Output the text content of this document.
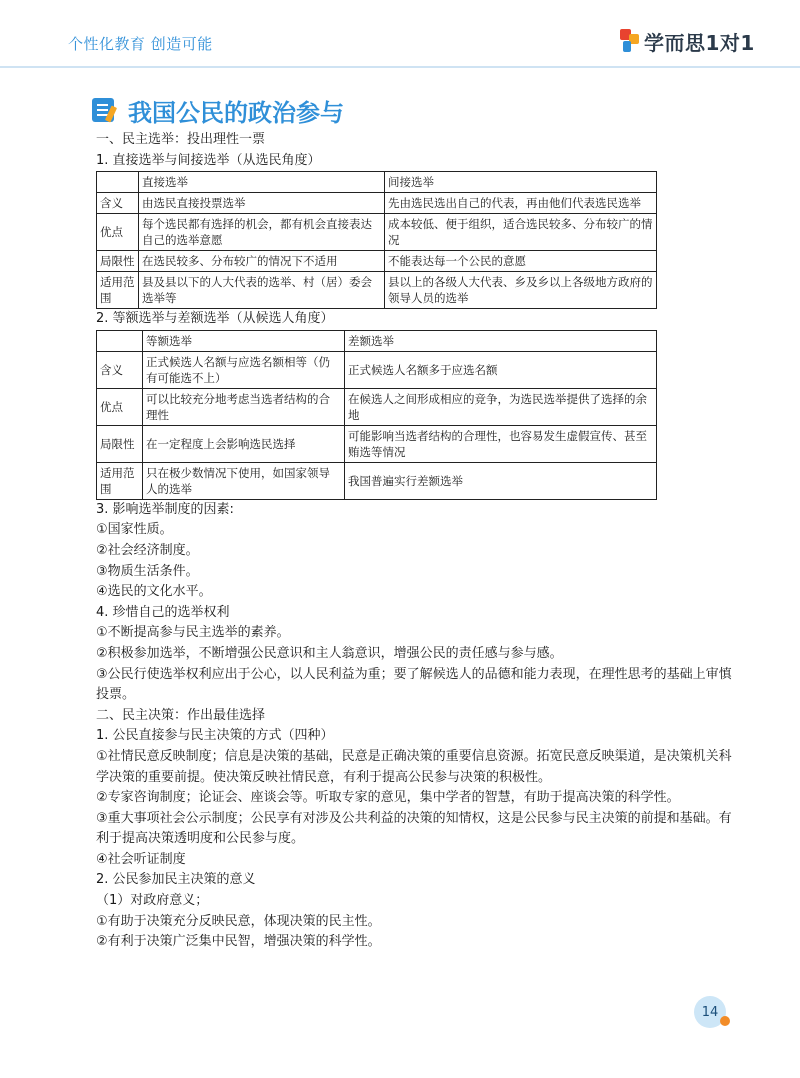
个性化教育 创造可能	学而思1对1
我国公民的政治参与
一、民主选举：投出理性一票
1. 直接选举与间接选举（从选民角度）
	直接选举	间接选举
含义	由选民直接投票选举	先由选民选出自己的代表，再由他们代表选民选举
优点	每个选民都有选择的机会，都有机会直接表达自己的选举意愿	成本较低、便于组织，适合选民较多、分布较广的情况
局限性	在选民较多、分布较广的情况下不适用	不能表达每一个公民的意愿
适用范围	县及县以下的人大代表的选举、村（居）委会选举等	县以上的各级人大代表、乡及乡以上各级地方政府的领导人员的选举
2. 等额选举与差额选举（从候选人角度）
	等额选举	差额选举
含义	正式候选人名额与应选名额相等（仍有可能选不上）	正式候选人名额多于应选名额
优点	可以比较充分地考虑当选者结构的合理性	在候选人之间形成相应的竞争，为选民选举提供了选择的余地
局限性	在一定程度上会影响选民选择	可能影响当选者结构的合理性，也容易发生虚假宣传、甚至贿选等情况
适用范围	只在极少数情况下使用，如国家领导人的选举	我国普遍实行差额选举
3. 影响选举制度的因素:
①国家性质。
②社会经济制度。
③物质生活条件。
④选民的文化水平。
4. 珍惜自己的选举权利
①不断提高参与民主选举的素养。
②积极参加选举，不断增强公民意识和主人翁意识，增强公民的责任感与参与感。
③公民行使选举权利应出于公心，以人民利益为重；要了解候选人的品德和能力表现，在理性思考的基础上审慎投票。
二、民主决策：作出最佳选择
1. 公民直接参与民主决策的方式（四种）
①社情民意反映制度；信息是决策的基础，民意是正确决策的重要信息资源。拓宽民意反映渠道，是决策机关科学决策的重要前提。使决策反映社情民意，有利于提高公民参与决策的积极性。
②专家咨询制度；论证会、座谈会等。听取专家的意见，集中学者的智慧，有助于提高决策的科学性。
③重大事项社会公示制度；公民享有对涉及公共利益的决策的知情权，这是公民参与民主决策的前提和基础。有利于提高决策透明度和公民参与度。
④社会听证制度
2. 公民参加民主决策的意义
（1）对政府意义；
①有助于决策充分反映民意，体现决策的民主性。
②有利于决策广泛集中民智，增强决策的科学性。
14
